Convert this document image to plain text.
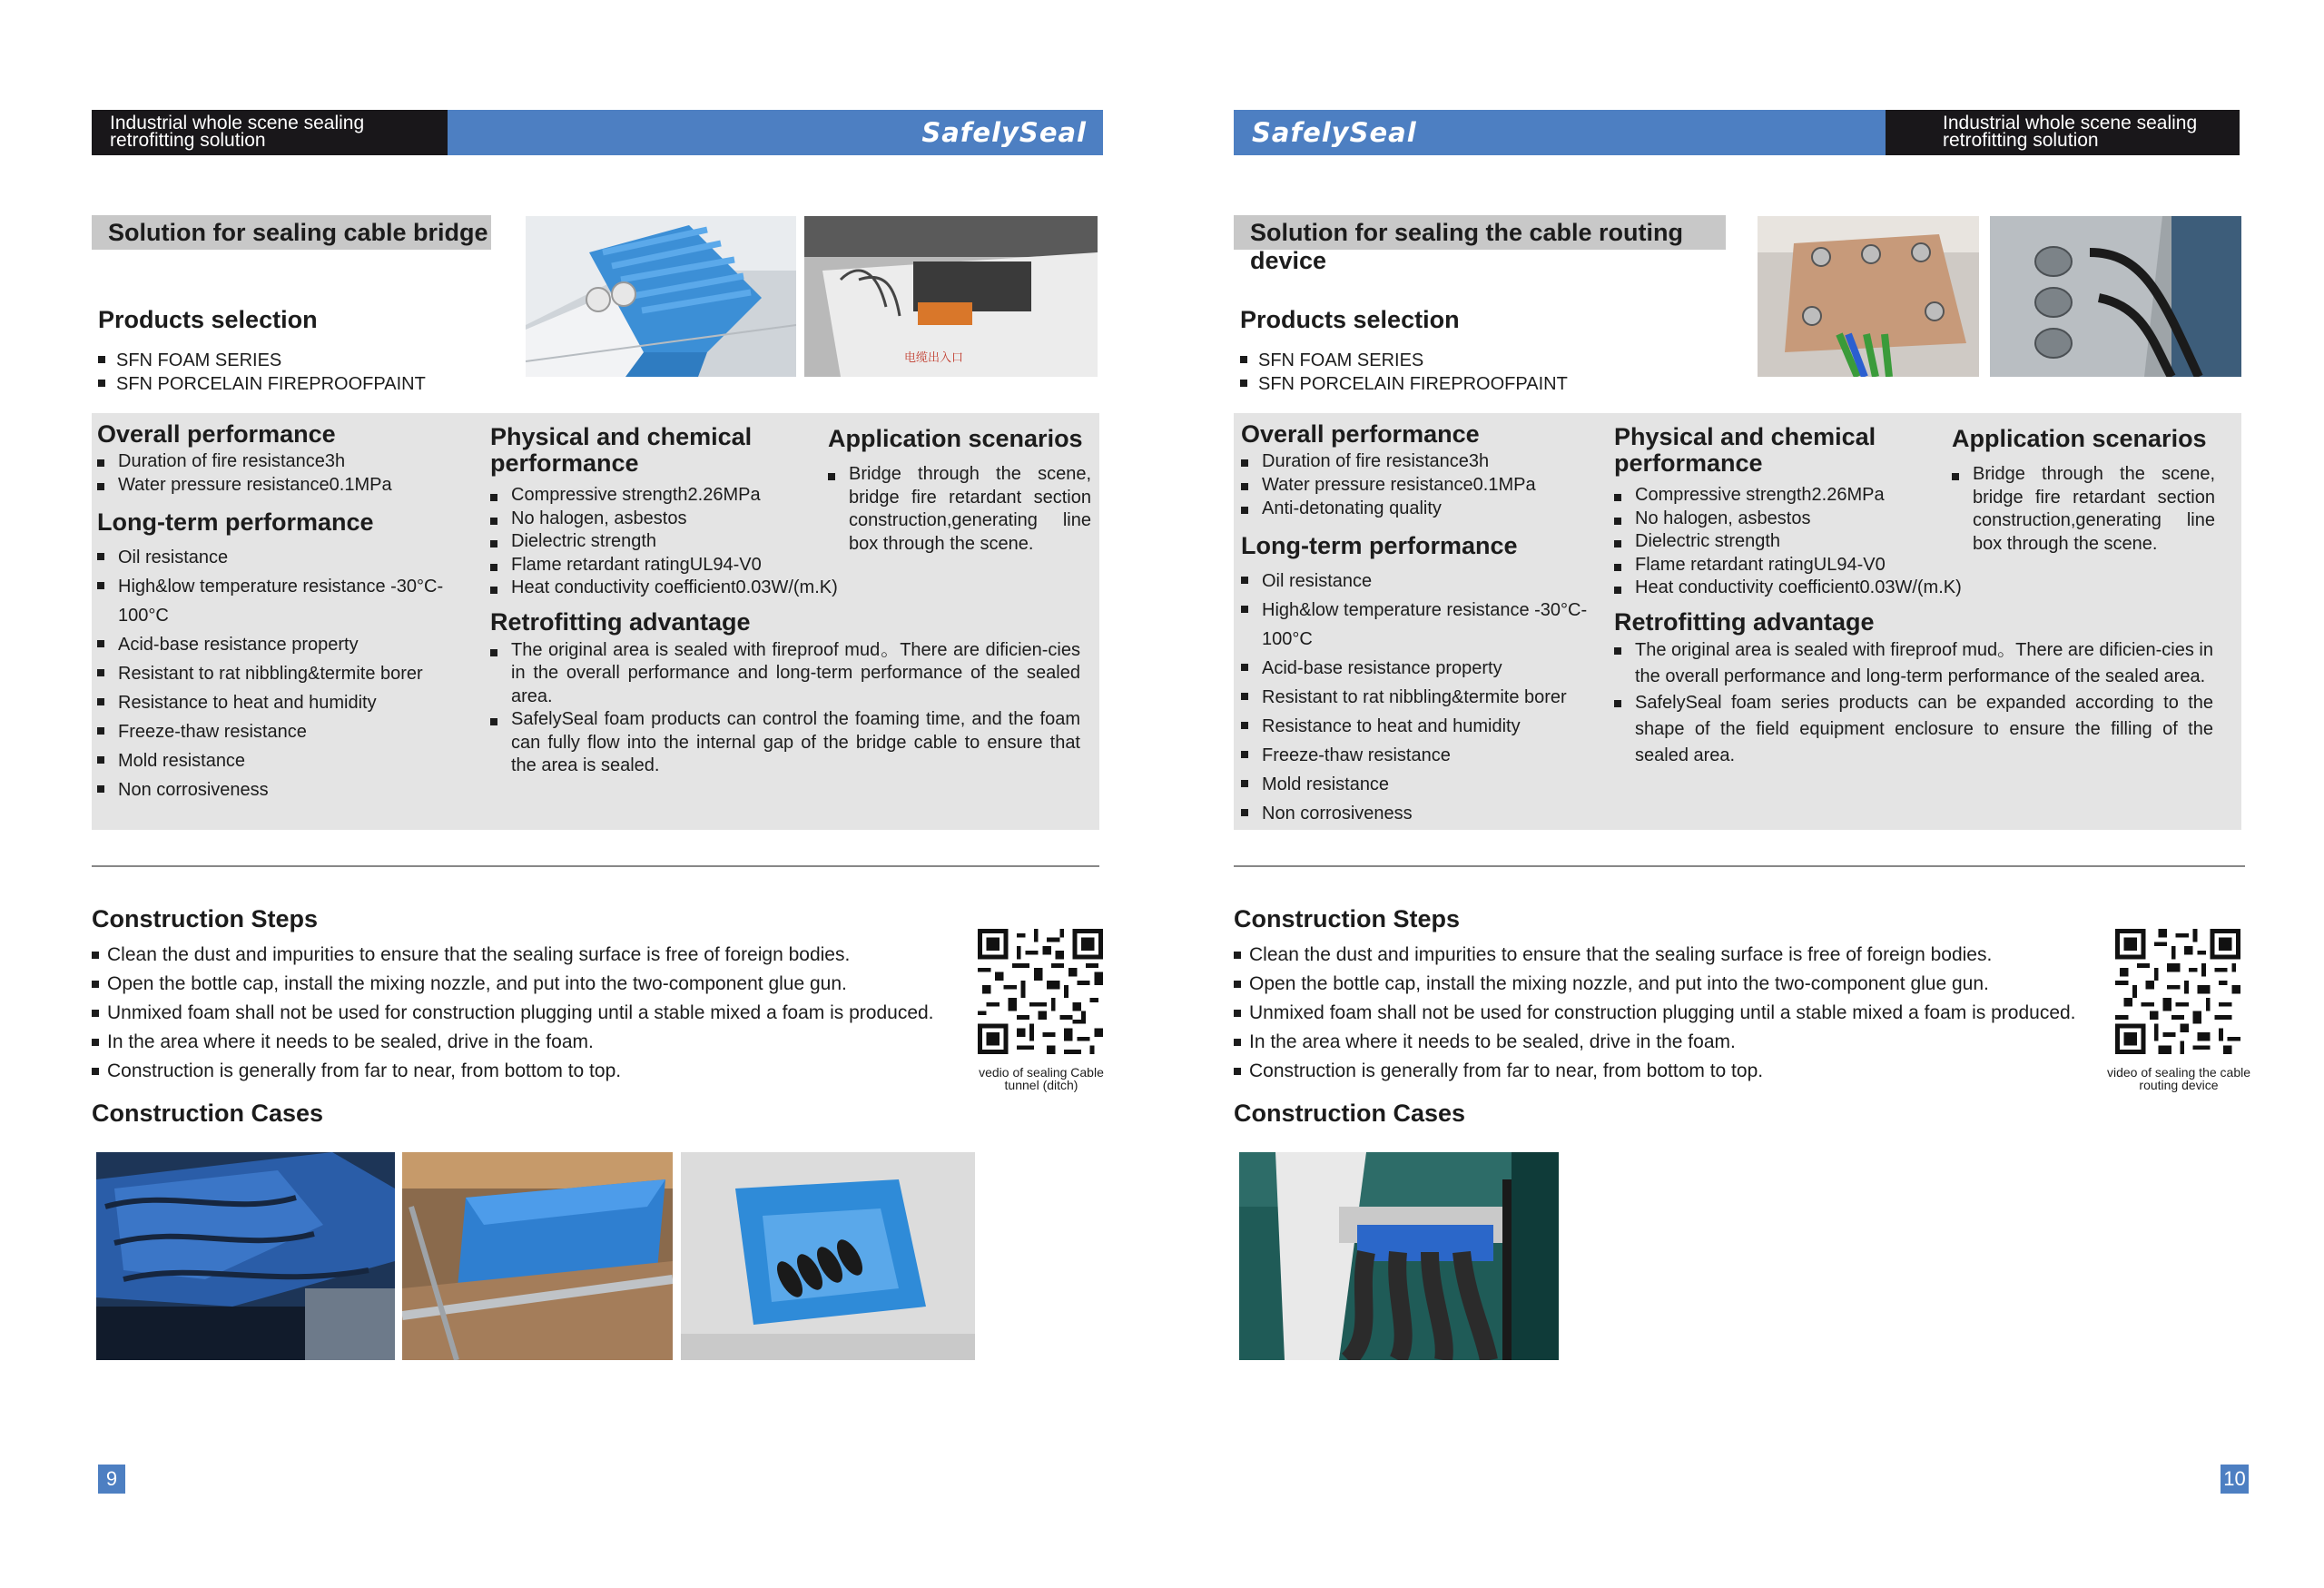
Industrial whole scene sealing retrofitting solution	SafelySeal
Solution for sealing cable bridge
Products selection
SFN FOAM SERIES
SFN PORCELAIN FIREPROOFPAINT
电缆出入口
Overall performance
Duration of fire resistance3h
Water pressure resistance0.1MPa
Long-term performance
Oil resistance
High&low temperature resistance -30°C-100°C
Acid-base resistance property
Resistant to rat nibbling&termite borer
Resistance to heat and humidity
Freeze-thaw resistance
Mold resistance
Non corrosiveness
Physical and chemical performance
Compressive strength2.26MPa
No halogen, asbestos
Dielectric strength
Flame retardant ratingUL94-V0
Heat conductivity coefficient0.03W/(m.K)
Retrofitting advantage
The original area is sealed with fireproof mud。There are dificien-cies in the overall performance and long-term performance of the sealed area.
SafelySeal foam products can control the foaming time, and the foam can fully flow into the internal gap of the bridge cable to ensure that the area is sealed.
Application scenarios
Bridge through the scene, bridge fire retardant section construction,generating line box through the scene.
Construction Steps
Clean the dust and impurities to ensure that the sealing surface is free of foreign bodies.
Open the bottle cap, install the mixing nozzle, and put into the two-component glue gun.
Unmixed foam shall not be used for construction plugging until a stable mixed a foam is produced.
In the area where it needs to be sealed, drive in the foam.
Construction is generally from far to near, from bottom to top.	vedio of sealing Cable tunnel (ditch)
Construction Cases
9
Industrial whole scene sealing retrofitting solution
SafelySeal
Solution for sealing the cable routing device
Products selection
SFN FOAM SERIES
SFN PORCELAIN FIREPROOFPAINT
Overall performance
Duration of fire resistance3h
Water pressure resistance0.1MPa
Anti-detonating quality
Long-term performance
Oil resistance
High&low temperature resistance -30°C-100°C
Acid-base resistance property
Resistant to rat nibbling&termite borer
Resistance to heat and humidity
Freeze-thaw resistance
Mold resistance
Non corrosiveness
Physical and chemical performance
Compressive strength2.26MPa
No halogen, asbestos
Dielectric strength
Flame retardant ratingUL94-V0
Heat conductivity coefficient0.03W/(m.K)
Retrofitting advantage
The original area is sealed with fireproof mud。There are dificien-cies in the overall performance and long-term performance of the sealed area.
SafelySeal foam series products can be expanded according to the shape of the field equipment enclosure to ensure the filling of the sealed area.
Application scenarios
Bridge through the scene, bridge fire retardant section construction,generating line box through the scene.
Construction Steps
Clean the dust and impurities to ensure that the sealing surface is free of foreign bodies.
Open the bottle cap, install the mixing nozzle, and put into the two-component glue gun.
Unmixed foam shall not be used for construction plugging until a stable mixed a foam is produced.
In the area where it needs to be sealed, drive in the foam.
Construction is generally from far to near, from bottom to top.	video of sealing the cable routing device
Construction Cases
10
